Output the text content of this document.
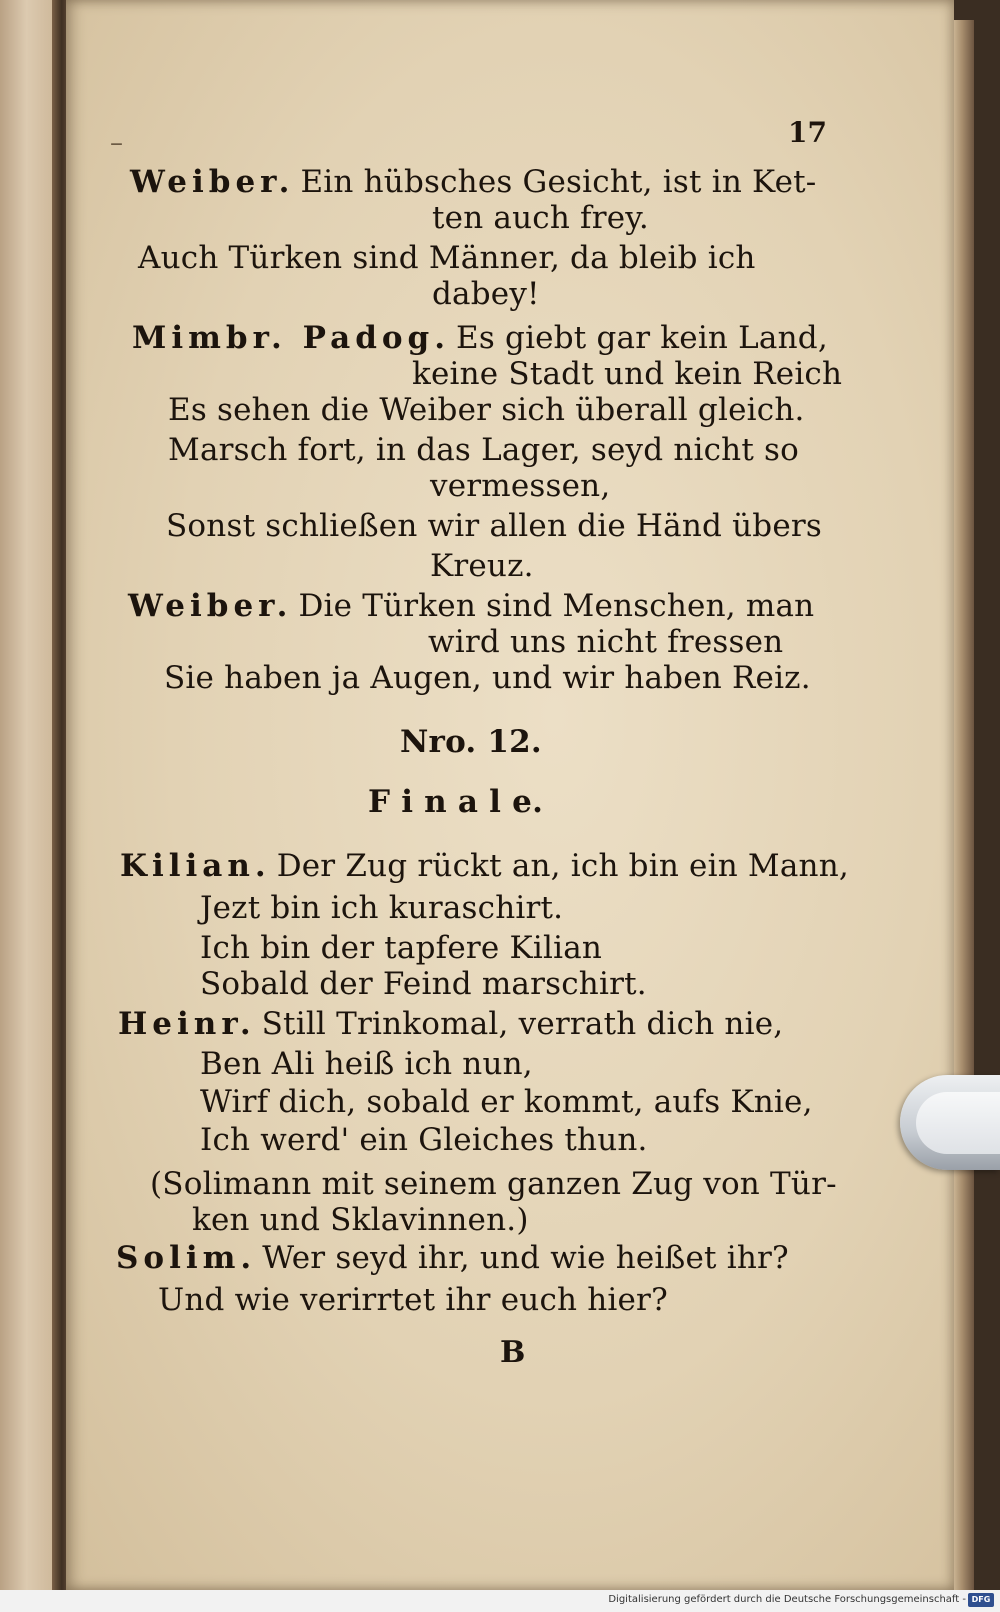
–	17
Weiber. Ein hübsches Gesicht, ist in Ket-
ten auch frey.
Auch Türken sind Männer, da bleib ich
dabey!
Mimbr. Padog. Es giebt gar kein Land,
keine Stadt und kein Reich
Es sehen die Weiber sich überall gleich.
Marsch fort, in das Lager, seyd nicht so
vermessen,
Sonst schließen wir allen die Händ übers
Kreuz.
Weiber. Die Türken sind Menschen, man
wird uns nicht fressen
Sie haben ja Augen, und wir haben Reiz.
Nro. 12.
F i n a l e.
Kilian. Der Zug rückt an, ich bin ein Mann,
Jezt bin ich kuraschirt.
Ich bin der tapfere Kilian
Sobald der Feind marschirt.
Heinr. Still Trinkomal, verrath dich nie,
Ben Ali heiß ich nun,
Wirf dich, sobald er kommt, aufs Knie,
Ich werd' ein Gleiches thun.
(Solimann mit seinem ganzen Zug von Tür-
ken und Sklavinnen.)
Solim. Wer seyd ihr, und wie heißet ihr?
Und wie verirrtet ihr euch hier?
B
Digitalisierung gefördert durch die Deutsche Forschungsgemeinschaft - DFG
